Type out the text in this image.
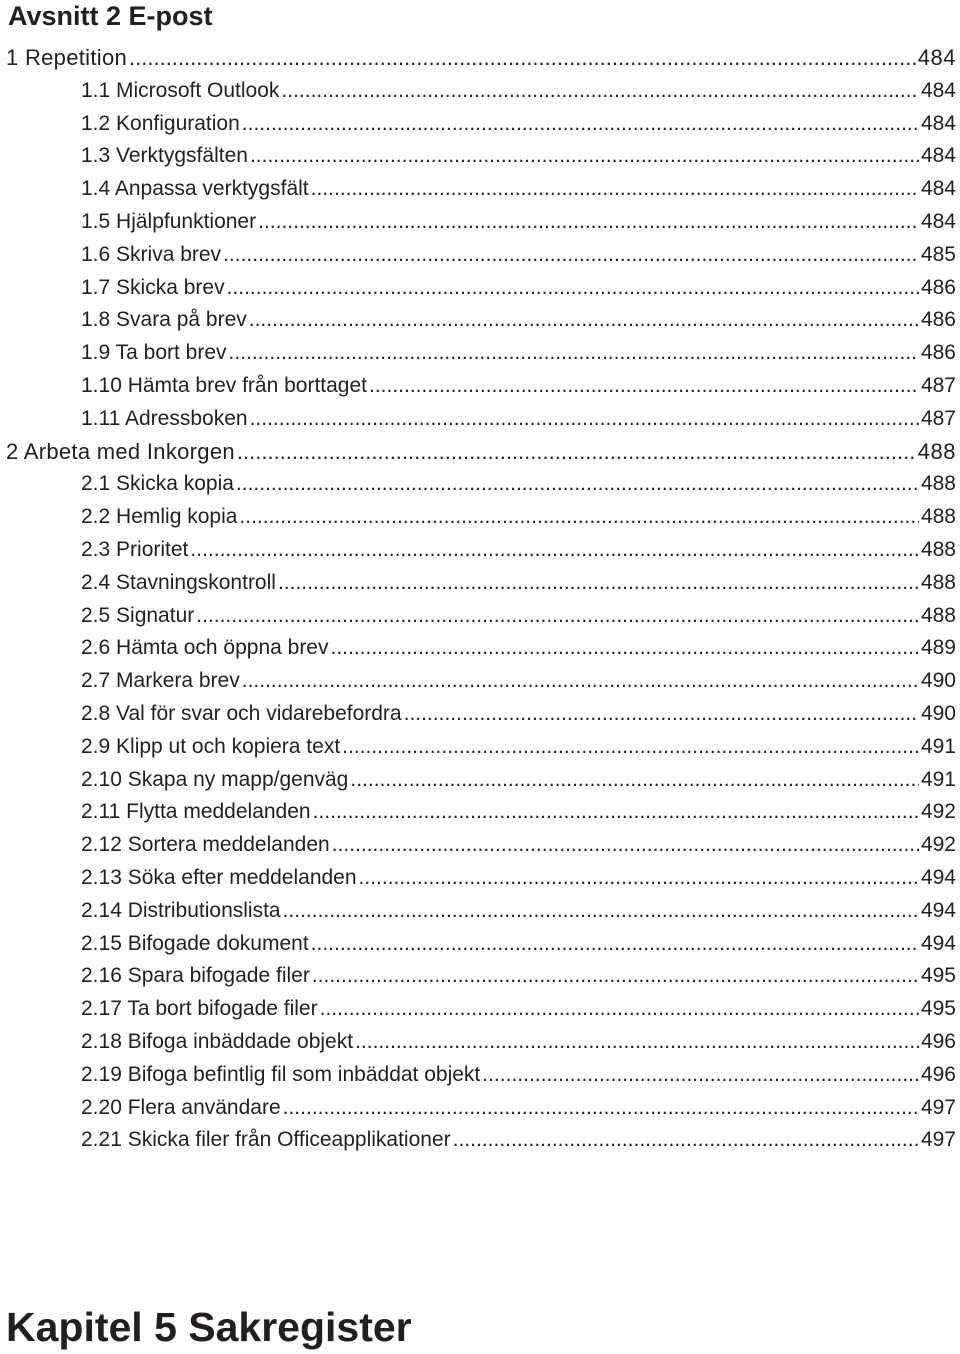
Avsnitt 2 E-post
1 Repetition .....	484
1.1 Microsoft Outlook .....	484
1.2 Konfiguration .....	484
1.3 Verktygsfälten .....	484
1.4 Anpassa verktygsfält .....	484
1.5 Hjälpfunktioner .....	484
1.6 Skriva brev .....	485
1.7 Skicka brev .....	486
1.8 Svara på brev .....	486
1.9 Ta bort brev .....	486
1.10 Hämta brev från borttaget .....	487
1.11 Adressboken .....	487
2 Arbeta med Inkorgen .....	488
2.1 Skicka kopia .....	488
2.2 Hemlig kopia .....	488
2.3 Prioritet .....	488
2.4 Stavningskontroll .....	488
2.5 Signatur .....	488
2.6 Hämta och öppna brev .....	489
2.7 Markera brev .....	490
2.8 Val för svar och vidarebefordra .....	490
2.9 Klipp ut och kopiera text .....	491
2.10 Skapa ny mapp/genväg .....	491
2.11 Flytta meddelanden .....	492
2.12 Sortera meddelanden .....	492
2.13 Söka efter meddelanden .....	494
2.14 Distributionslista .....	494
2.15 Bifogade dokument .....	494
2.16 Spara bifogade filer .....	495
2.17 Ta bort bifogade filer .....	495
2.18 Bifoga inbäddade objekt .....	496
2.19 Bifoga befintlig fil som inbäddat objekt .....	496
2.20 Flera användare .....	497
2.21 Skicka filer från Officeapplikationer .....	497
Kapitel 5 Sakregister
